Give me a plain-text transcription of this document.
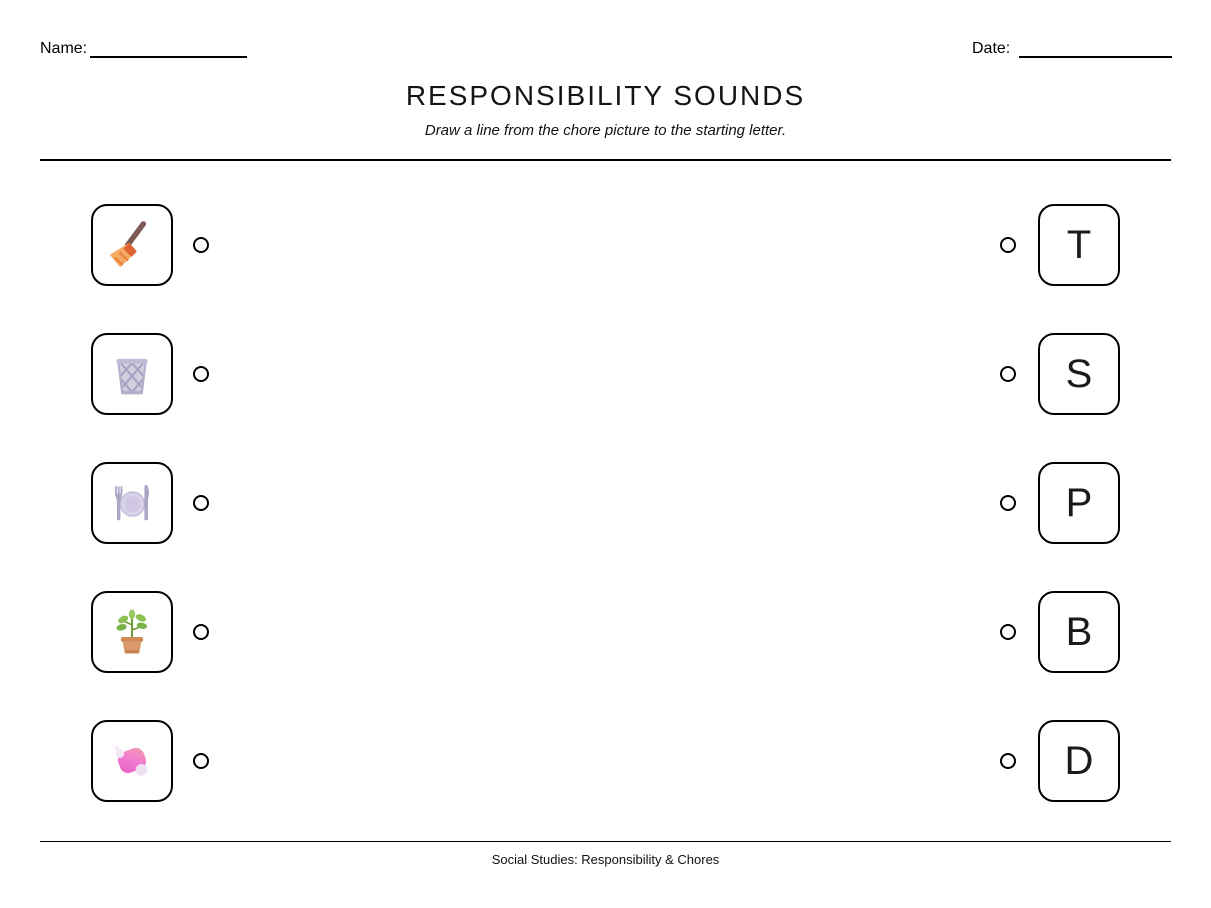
Name:	Date:
RESPONSIBILITY SOUNDS
Draw a line from the chore picture to the starting letter.
T
S
P
B
D
Social Studies: Responsibility & Chores
